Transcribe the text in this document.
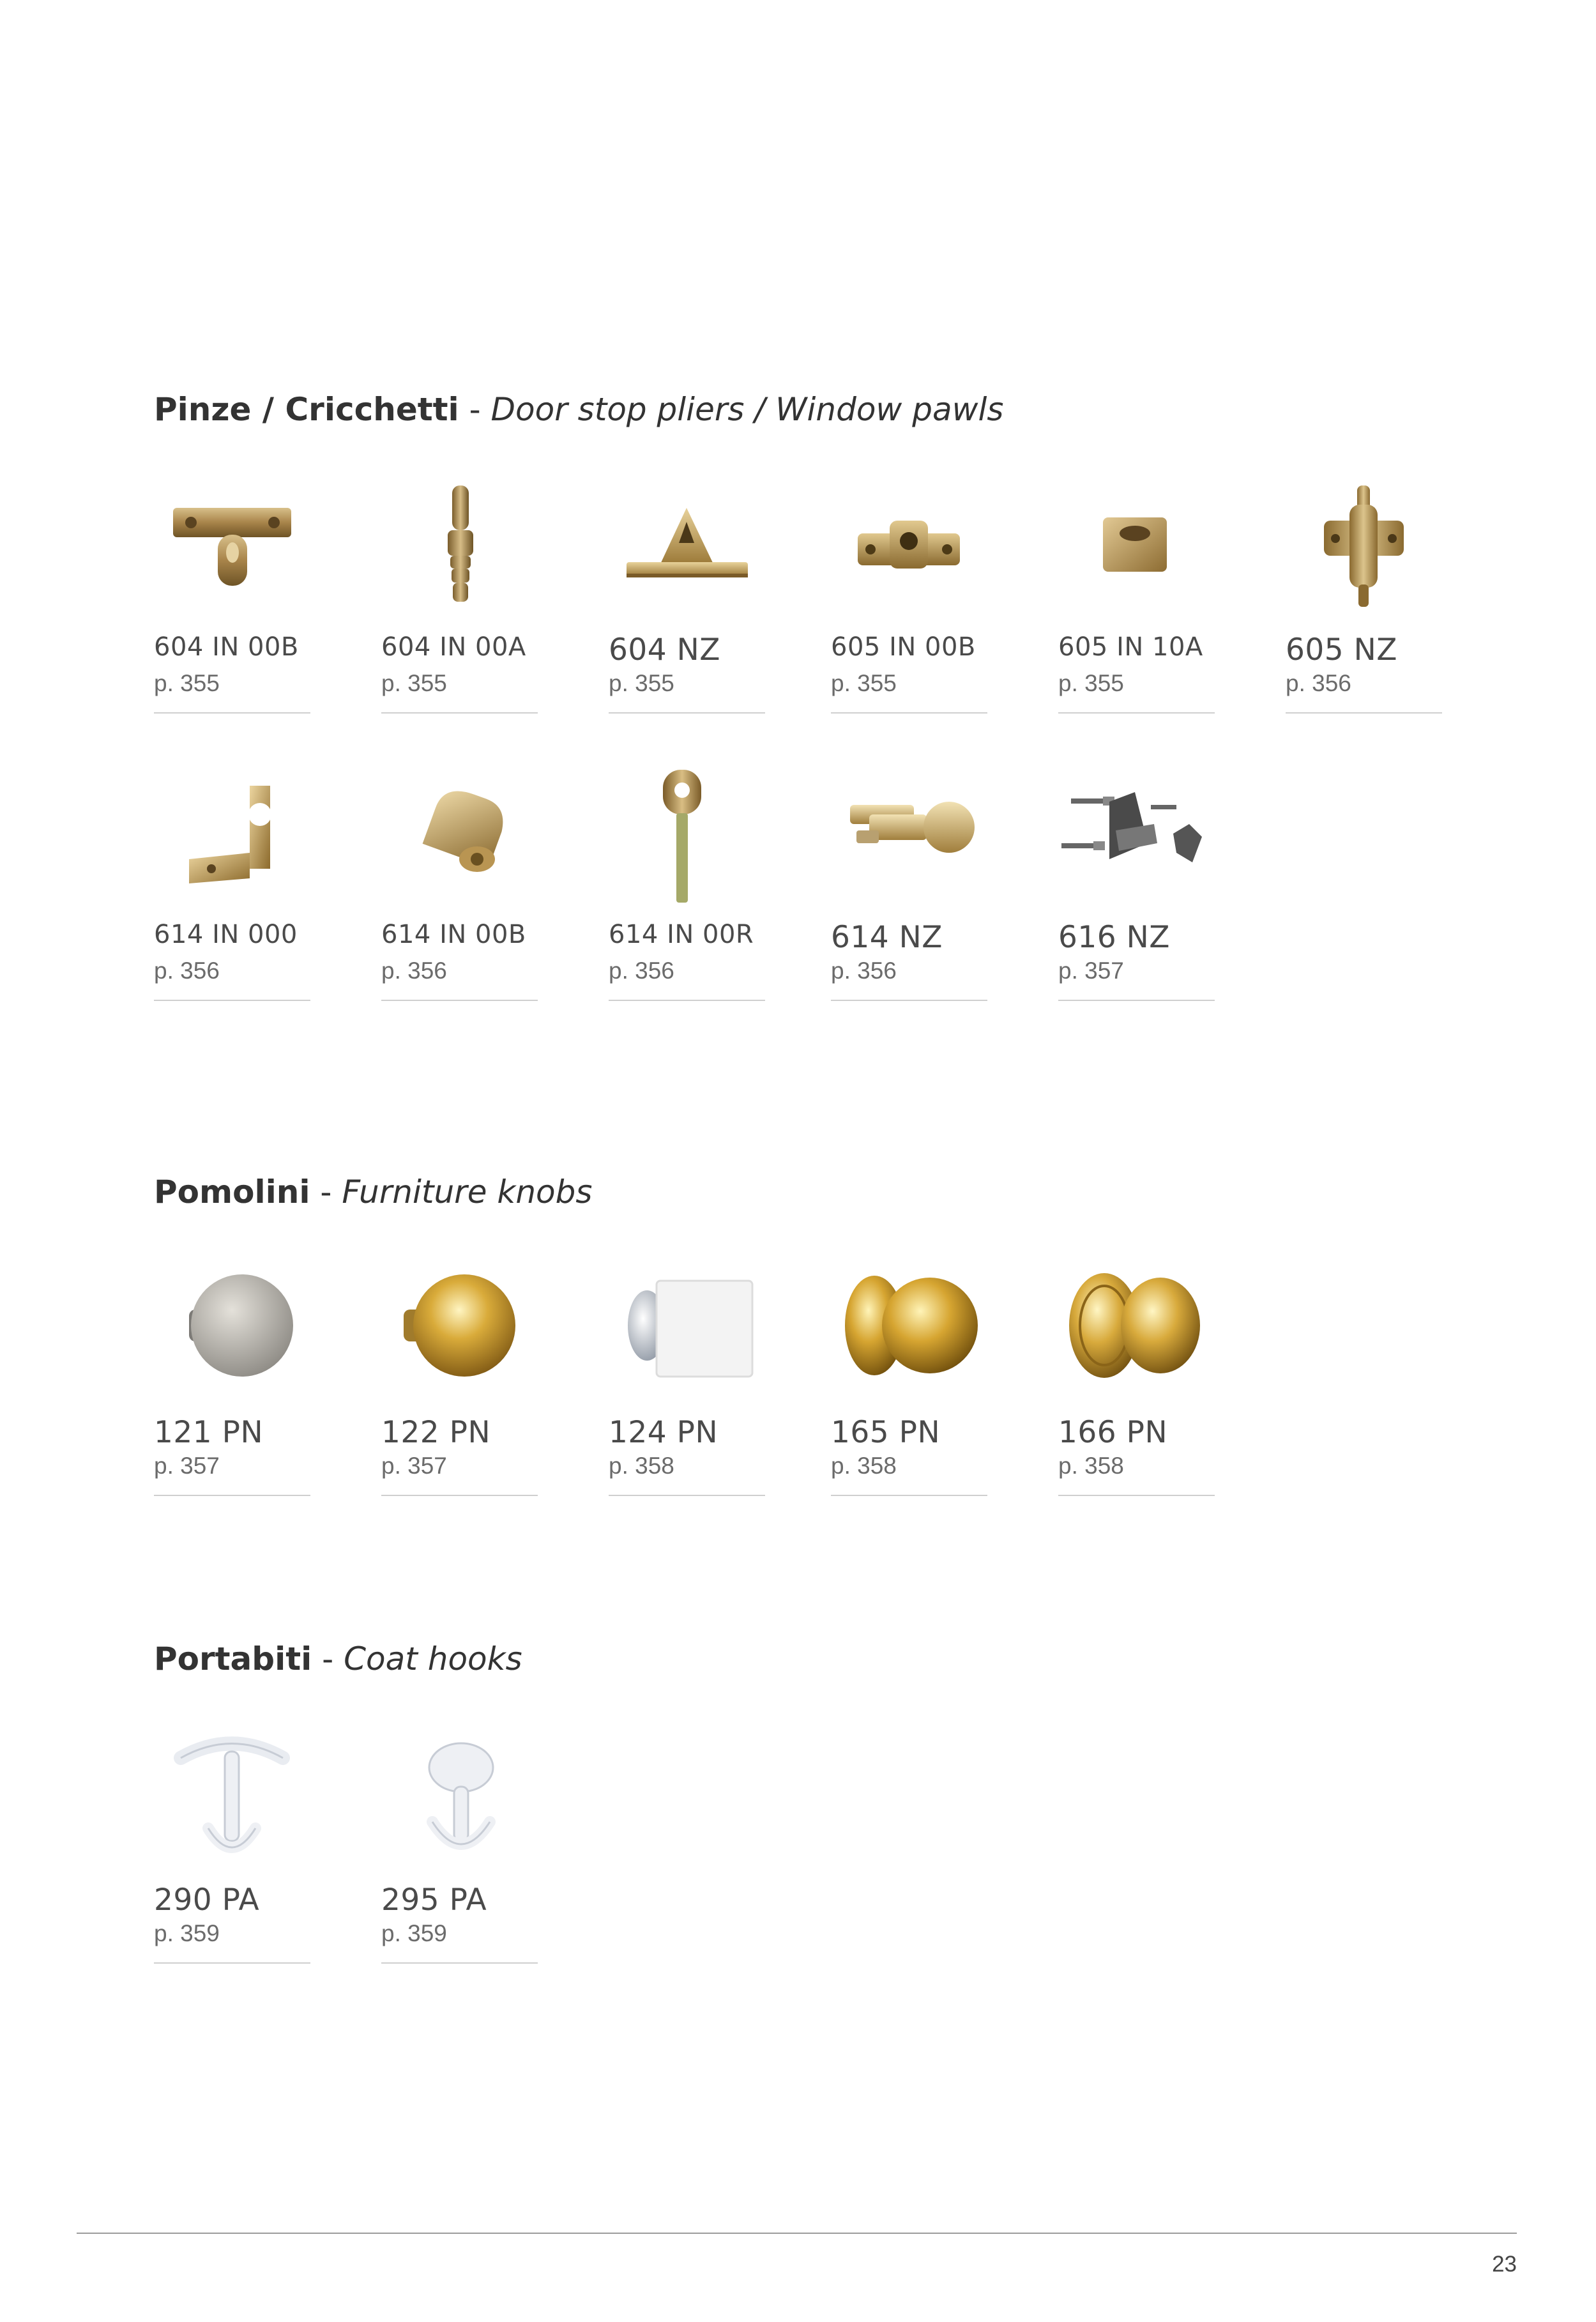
Pinze / Cricchetti - Door stop pliers / Window pawls
604 IN 00B
p. 355
604 IN 00A
p. 355
604 NZ
p. 355
605 IN 00B
p. 355
605 IN 10A
p. 355
605 NZ
p. 356
614 IN 000
p. 356
614 IN 00B
p. 356
614 IN 00R
p. 356
614 NZ
p. 356
616 NZ
p. 357
Pomolini - Furniture knobs
121 PN
p. 357
122 PN
p. 357
124 PN
p. 358
165 PN
p. 358
166 PN
p. 358
Portabiti - Coat hooks
290 PA
p. 359
295 PA
p. 359
23
